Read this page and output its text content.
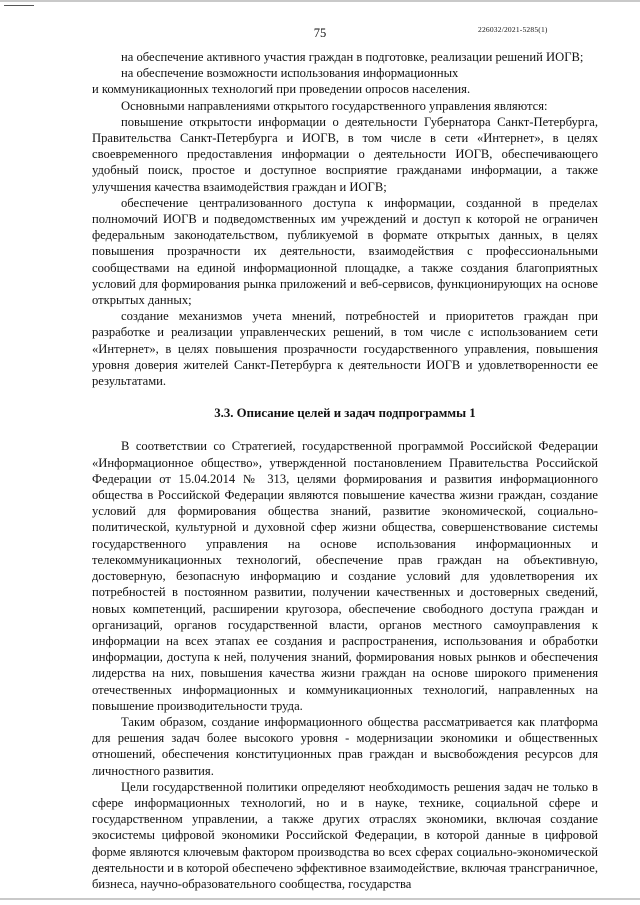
75	226032/2021-5285(1)

на обеспечение активного участия граждан в подготовке, реализации решений ИОГВ;

на обеспечение возможности использования информационных

и коммуникационных технологий при проведении опросов населения.

Основными направлениями открытого государственного управления являются:

повышение открытости информации о деятельности Губернатора Санкт-Петербурга, Правительства Санкт-Петербурга и ИОГВ, в том числе в сети «Интернет», в целях своевременного предоставления информации о деятельности ИОГВ, обеспечивающего удобный поиск, простое и доступное восприятие гражданами информации, а также улучшения качества взаимодействия граждан и ИОГВ;

обеспечение централизованного доступа к информации, созданной в пределах полномочий ИОГВ и подведомственных им учреждений и доступ к которой не ограничен федеральным законодательством, публикуемой в формате открытых данных, в целях повышения прозрачности их деятельности, взаимодействия с профессиональными сообществами на единой информационной площадке, а также создания благоприятных условий для формирования рынка приложений и веб-сервисов, функционирующих на основе открытых данных;

создание механизмов учета мнений, потребностей и приоритетов граждан при разработке и реализации управленческих решений, в том числе с использованием сети «Интернет», в целях повышения прозрачности государственного управления, повышения уровня доверия жителей Санкт-Петербурга к деятельности ИОГВ и удовлетворенности ее результатами.

3.3. Описание целей и задач подпрограммы 1

В соответствии со Стратегией, государственной программой Российской Федерации «Информационное общество», утвержденной постановлением Правительства Российской Федерации от 15.04.2014 № 313, целями формирования и развития информационного общества в Российской Федерации являются повышение качества жизни граждан, создание условий для формирования общества знаний, развитие экономической, социально-политической, культурной и духовной сфер жизни общества, совершенствование системы государственного управления на основе использования информационных и телекоммуникационных технологий, обеспечение прав граждан на объективную, достоверную, безопасную информацию и создание условий для удовлетворения их потребностей в постоянном развитии, получении качественных и достоверных сведений, новых компетенций, расширении кругозора, обеспечение свободного доступа граждан и организаций, органов государственной власти, органов местного самоуправления к информации на всех этапах ее создания и распространения, использования и обработки информации, доступа к ней, получения знаний, формирования новых рынков и обеспечения лидерства на них, повышения качества жизни граждан на основе широкого применения отечественных информационных и коммуникационных технологий, направленных на повышение производительности труда.

Таким образом, создание информационного общества рассматривается как платформа для решения задач более высокого уровня - модернизации экономики и общественных отношений, обеспечения конституционных прав граждан и высвобождения ресурсов для личностного развития.

Цели государственной политики определяют необходимость решения задач не только в сфере информационных технологий, но и в науке, технике, социальной сфере и государственном управлении, а также других отраслях экономики, включая создание экосистемы цифровой экономики Российской Федерации, в которой данные в цифровой форме являются ключевым фактором производства во всех сферах социально-экономической деятельности и в которой обеспечено эффективное взаимодействие, включая трансграничное, бизнеса, научно-образовательного сообщества, государства
